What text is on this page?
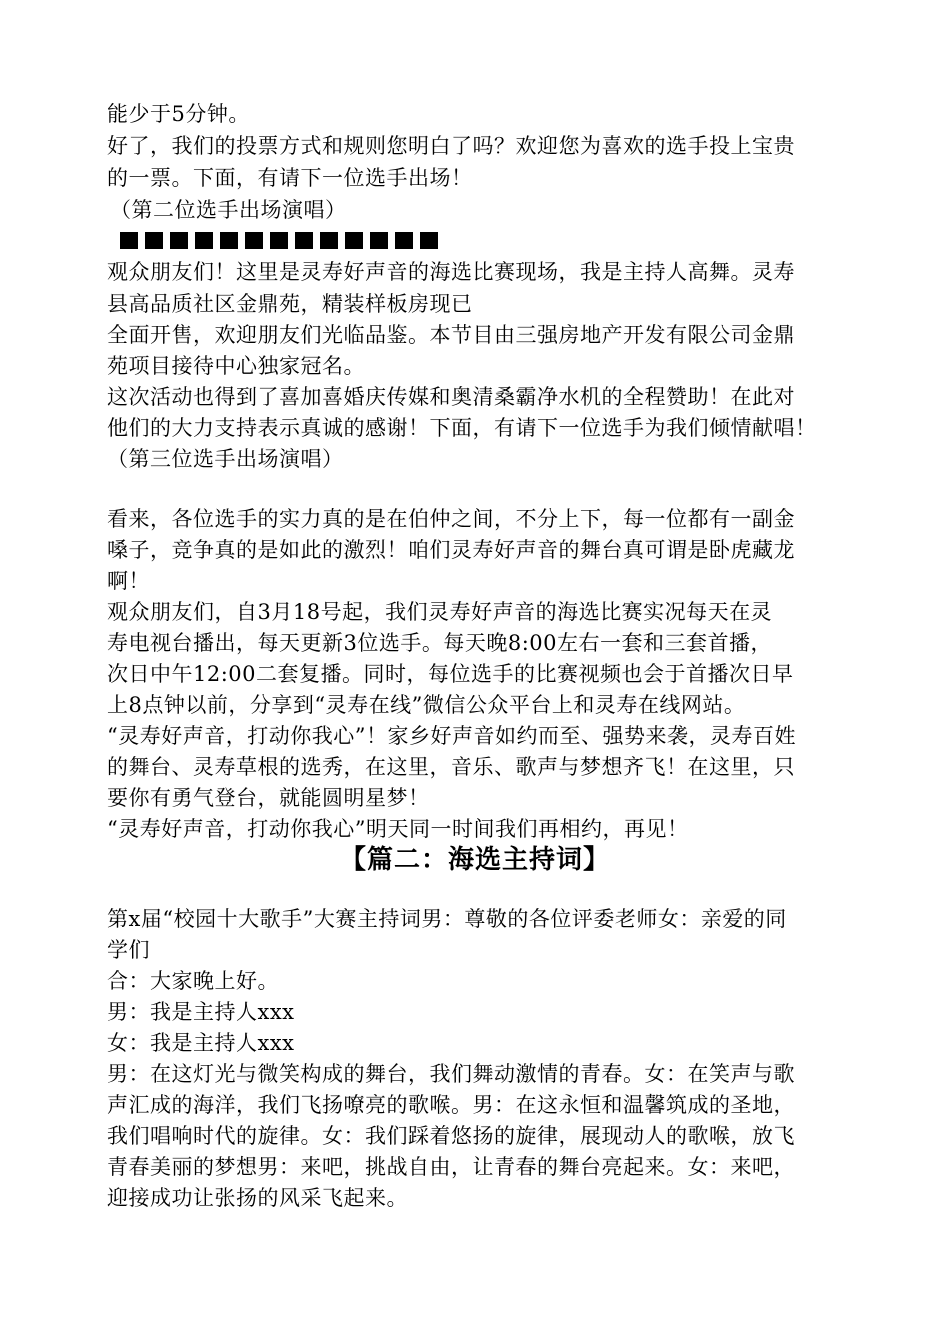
能少于5分钟。
好了，我们的投票方式和规则您明白了吗？欢迎您为喜欢的选手投上宝贵
的一票。下面，有请下一位选手出场！
（第二位选手出场演唱）
观众朋友们！这里是灵寿好声音的海选比赛现场，我是主持人高舞。灵寿
县高品质社区金鼎苑，精装样板房现已
全面开售，欢迎朋友们光临品鉴。本节目由三强房地产开发有限公司金鼎
苑项目接待中心独家冠名。
这次活动也得到了喜加喜婚庆传媒和奥清桑霸净水机的全程赞助！在此对
他们的大力支持表示真诚的感谢！下面，有请下一位选手为我们倾情献唱！
（第三位选手出场演唱）
看来，各位选手的实力真的是在伯仲之间，不分上下，每一位都有一副金
嗓子，竞争真的是如此的激烈！咱们灵寿好声音的舞台真可谓是卧虎藏龙
啊！
观众朋友们，自3月18号起，我们灵寿好声音的海选比赛实况每天在灵
寿电视台播出，每天更新3位选手。每天晚8:00左右一套和三套首播，
次日中午12:00二套复播。同时，每位选手的比赛视频也会于首播次日早
上8点钟以前，分享到“灵寿在线”微信公众平台上和灵寿在线网站。
“灵寿好声音，打动你我心”！家乡好声音如约而至、强势来袭，灵寿百姓
的舞台、灵寿草根的选秀，在这里，音乐、歌声与梦想齐飞！在这里，只
要你有勇气登台，就能圆明星梦！
“灵寿好声音，打动你我心”明天同一时间我们再相约，再见！
【篇二：海选主持词】
第x届“校园十大歌手”大赛主持词男：尊敬的各位评委老师女：亲爱的同
学们
合：大家晚上好。
男：我是主持人xxx
女：我是主持人xxx
男：在这灯光与微笑构成的舞台，我们舞动激情的青春。女：在笑声与歌
声汇成的海洋，我们飞扬嘹亮的歌喉。男：在这永恒和温馨筑成的圣地，
我们唱响时代的旋律。女：我们踩着悠扬的旋律，展现动人的歌喉，放飞
青春美丽的梦想男：来吧，挑战自由，让青春的舞台亮起来。女：来吧，
迎接成功让张扬的风采飞起来。
